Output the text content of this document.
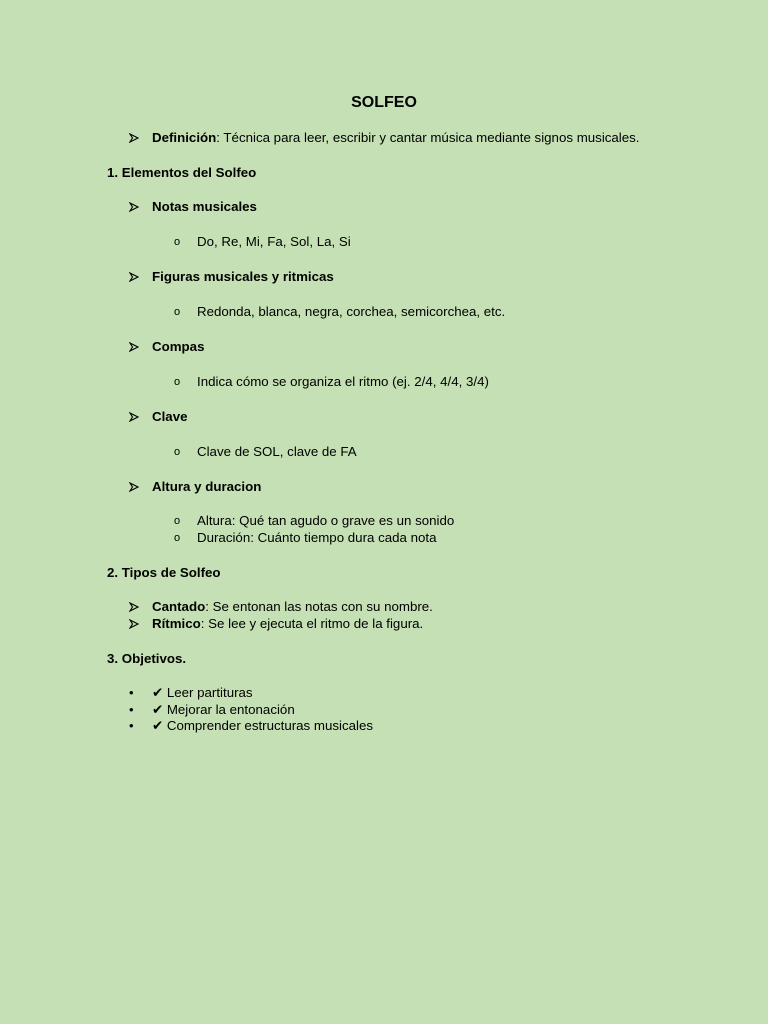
SOLFEO
Definición: Técnica para leer, escribir y cantar música mediante signos musicales.
1. Elementos del Solfeo
Notas musicales
o Do, Re, Mi, Fa, Sol, La, Si
Figuras musicales y ritmicas
o Redonda, blanca, negra, corchea, semicorchea, etc.
Compas
o Indica cómo se organiza el ritmo (ej. 2/4, 4/4, 3/4)
Clave
o Clave de SOL, clave de FA
Altura y duracion
o Altura: Qué tan agudo o grave es un sonido
o Duración: Cuánto tiempo dura cada nota
2. Tipos de Solfeo
Cantado: Se entonan las notas con su nombre.
Rítmico: Se lee y ejecuta el ritmo de la figura.
3. Objetivos.
• ✔ Leer partituras
• ✔ Mejorar la entonación
• ✔ Comprender estructuras musicales
